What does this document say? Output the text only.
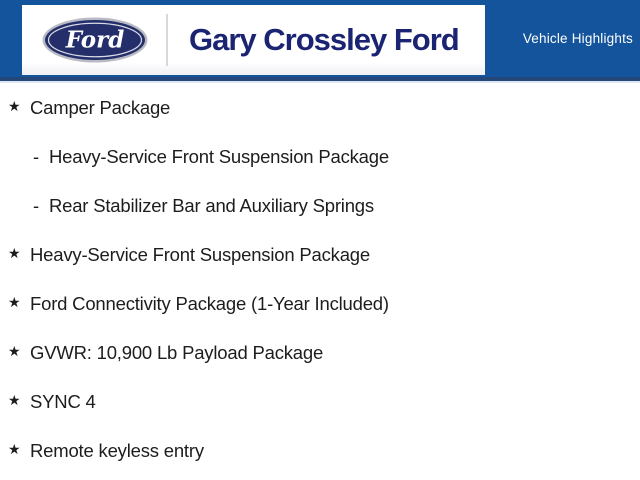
Ford Gary Crossley Ford	Vehicle Highlights
★ Camper Package
- Heavy-Service Front Suspension Package
- Rear Stabilizer Bar and Auxiliary Springs
★ Heavy-Service Front Suspension Package
★ Ford Connectivity Package (1-Year Included)
★ GVWR: 10,900 Lb Payload Package
★ SYNC 4
★ Remote keyless entry
